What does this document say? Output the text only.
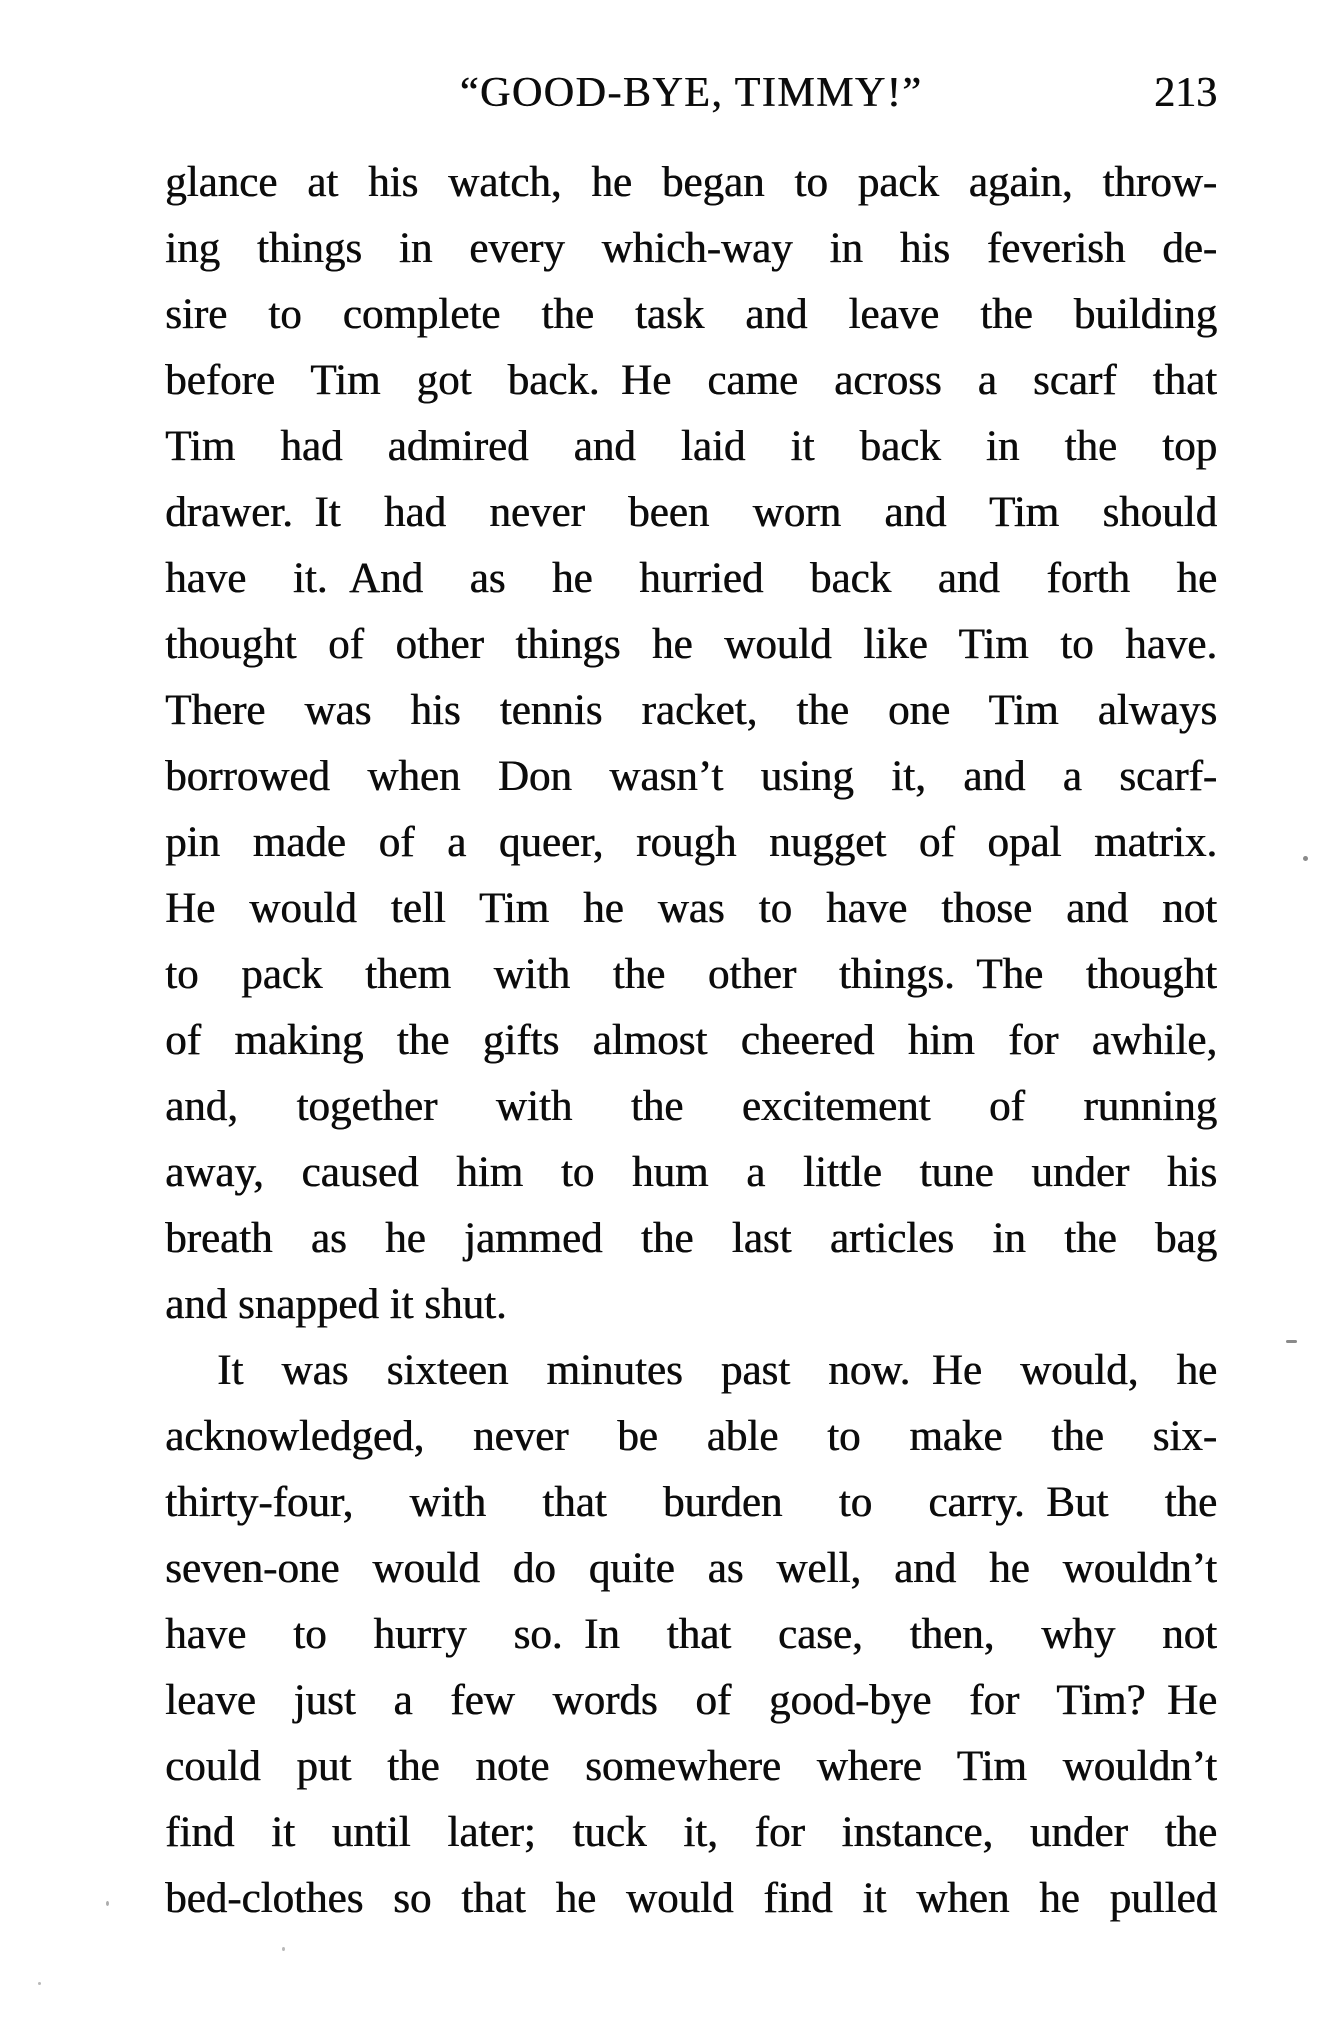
“GOOD-BYE, TIMMY!”	213
glance at his watch, he began to pack again, throw-
ing things in every which-way in his feverish de-
sire to complete the task and leave the building
before Tim got back. He came across a scarf that
Tim had admired and laid it back in the top
drawer. It had never been worn and Tim should
have it. And as he hurried back and forth he
thought of other things he would like Tim to have.
There was his tennis racket, the one Tim always
borrowed when Don wasn’t using it, and a scarf-
pin made of a queer, rough nugget of opal matrix.
He would tell Tim he was to have those and not
to pack them with the other things. The thought
of making the gifts almost cheered him for awhile,
and, together with the excitement of running
away, caused him to hum a little tune under his
breath as he jammed the last articles in the bag
and snapped it shut.
It was sixteen minutes past now. He would, he
acknowledged, never be able to make the six-
thirty-four, with that burden to carry. But the
seven-one would do quite as well, and he wouldn’t
have to hurry so. In that case, then, why not
leave just a few words of good-bye for Tim? He
could put the note somewhere where Tim wouldn’t
find it until later; tuck it, for instance, under the
bed-clothes so that he would find it when he pulled
